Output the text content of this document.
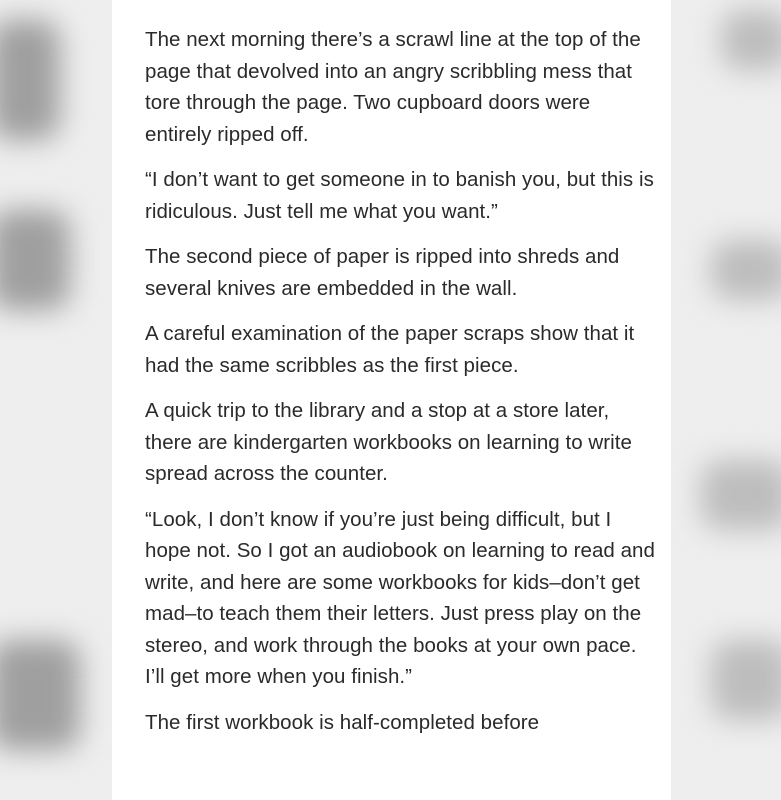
The next morning there’s a scrawl line at the top of the page that devolved into an angry scribbling mess that tore through the page. Two cupboard doors were entirely ripped off.

“I don’t want to get someone in to banish you, but this is ridiculous. Just tell me what you want.”

The second piece of paper is ripped into shreds and several knives are embedded in the wall.

A careful examination of the paper scraps show that it had the same scribbles as the first piece.

A quick trip to the library and a stop at a store later, there are kindergarten workbooks on learning to write spread across the counter.

“Look, I don’t know if you’re just being difficult, but I hope not. So I got an audiobook on learning to read and write, and here are some workbooks for kids–don’t get mad–to teach them their letters. Just press play on the stereo, and work through the books at your own pace. I’ll get more when you finish.”

The first workbook is half-completed before
